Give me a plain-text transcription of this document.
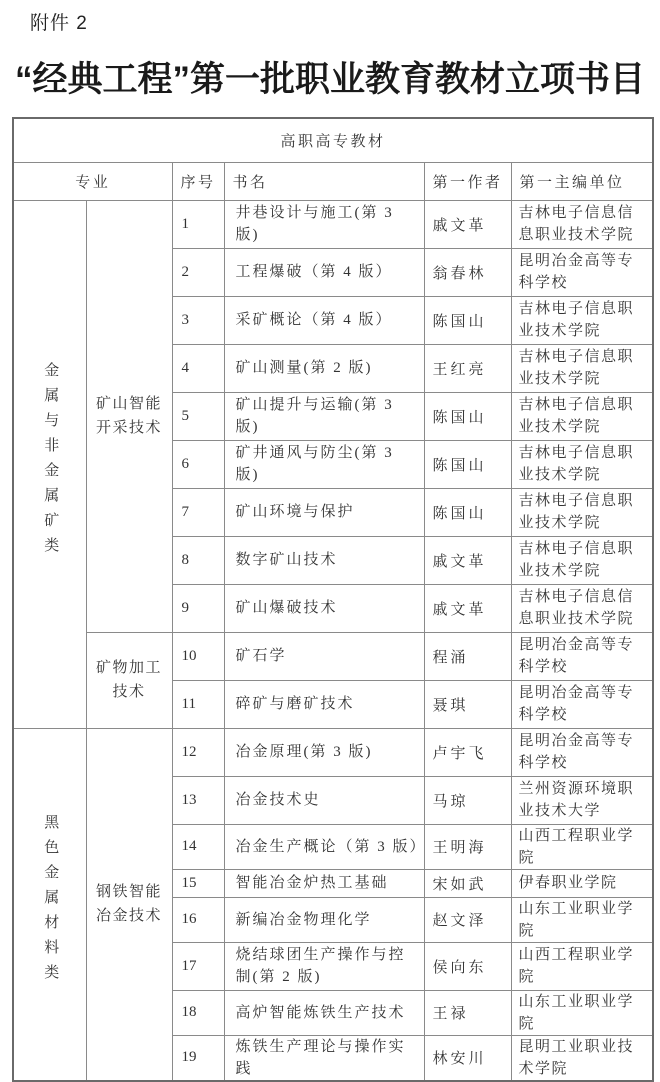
附件 2
“经典工程”第一批职业教育教材立项书目
高职高专教材					
专业		序号	书名	第一作者	第一主编单位
金属与非金属矿类	矿山智能开采技术	1	井巷设计与施工(第 3 版)	戚文革	吉林电子信息信息职业技术学院
		2	工程爆破（第 4 版）	翁春林	昆明冶金高等专科学校
		3	采矿概论（第 4 版）	陈国山	吉林电子信息职业技术学院
		4	矿山测量(第 2 版)	王红亮	吉林电子信息职业技术学院
		5	矿山提升与运输(第 3 版)	陈国山	吉林电子信息职业技术学院
		6	矿井通风与防尘(第 3 版)	陈国山	吉林电子信息职业技术学院
		7	矿山环境与保护	陈国山	吉林电子信息职业技术学院
		8	数字矿山技术	戚文革	吉林电子信息职业技术学院
		9	矿山爆破技术	戚文革	吉林电子信息信息职业技术学院
	矿物加工技术	10	矿石学	程涌	昆明冶金高等专科学校
		11	碎矿与磨矿技术	聂琪	昆明冶金高等专科学校
黑色金属材料类	钢铁智能冶金技术	12	冶金原理(第 3 版)	卢宇飞	昆明冶金高等专科学校
		13	冶金技术史	马琼	兰州资源环境职业技术大学
		14	冶金生产概论（第 3 版）	王明海	山西工程职业学院
		15	智能冶金炉热工基础	宋如武	伊春职业学院
		16	新编冶金物理化学	赵文泽	山东工业职业学院
		17	烧结球团生产操作与控制(第 2 版)	侯向东	山西工程职业学院
		18	高炉智能炼铁生产技术	王禄	山东工业职业学院
		19	炼铁生产理论与操作实践	林安川	昆明工业职业技术学院
